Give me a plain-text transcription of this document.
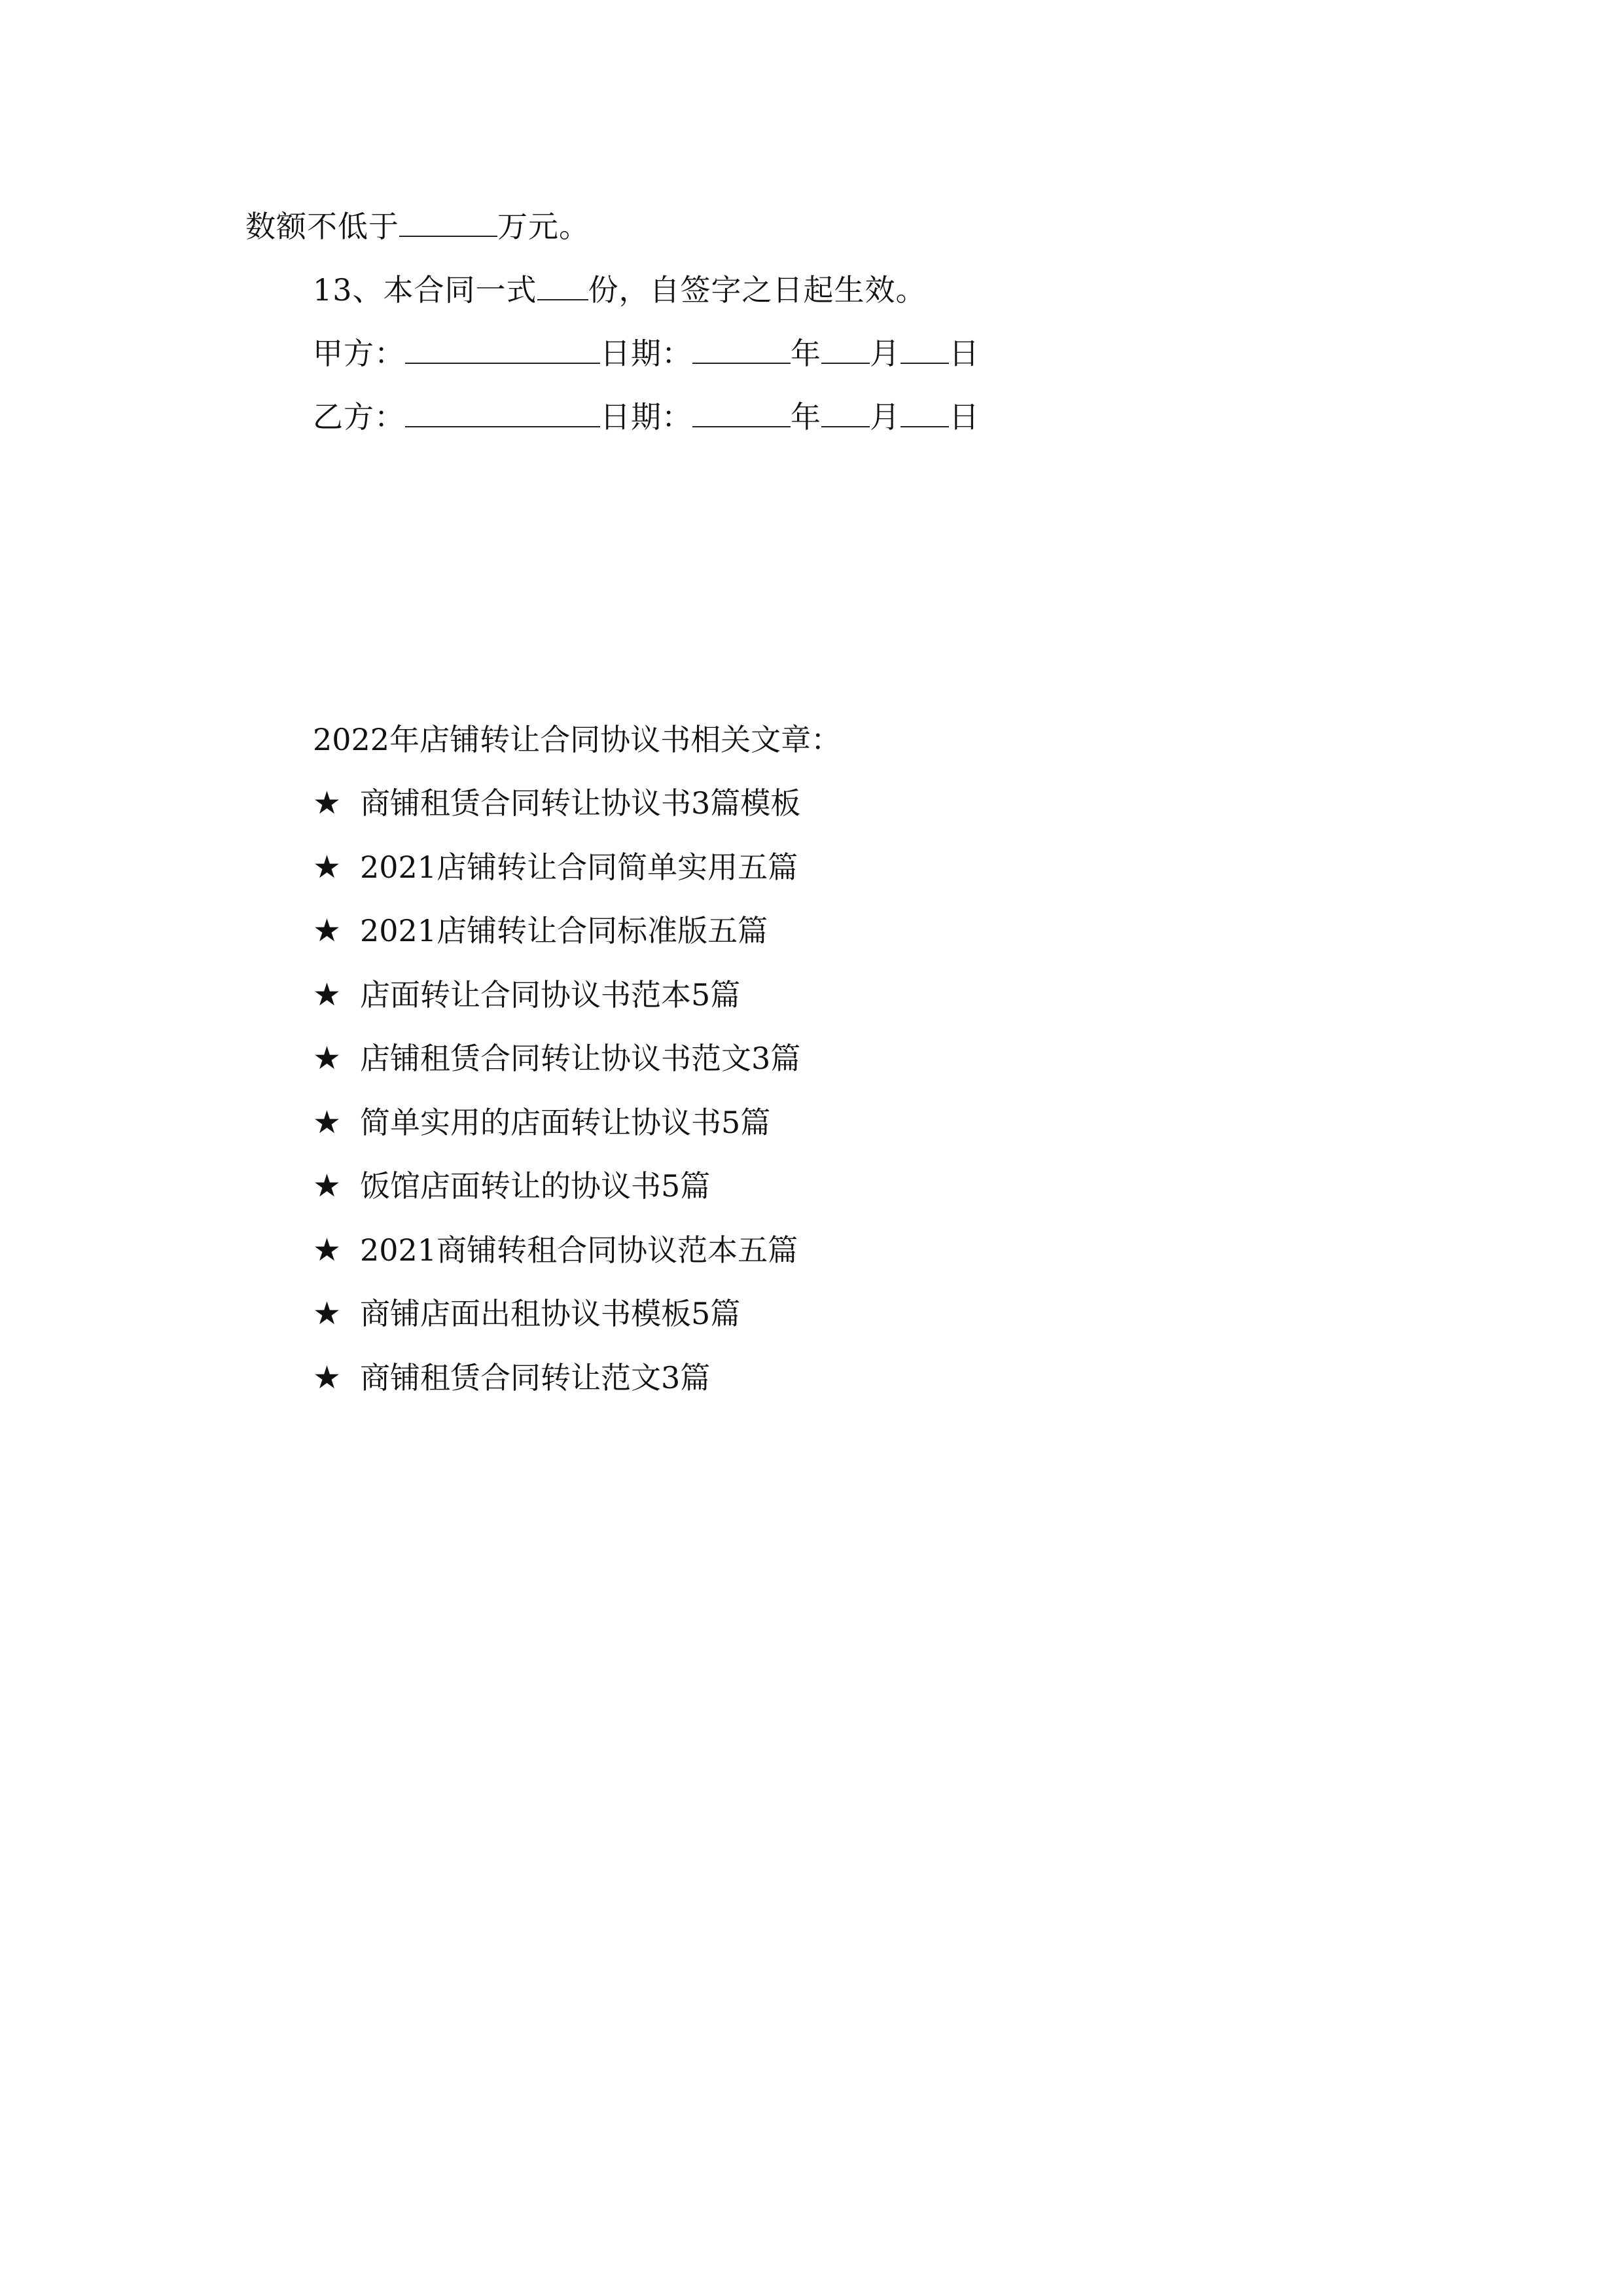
数额不低于	万元。
13、本合同一式 份，自签字之日起生效。
甲方：	日期：	年 月 日
乙方：	日期：	年 月 日
2022年店铺转让合同协议书相关文章：
★ 商铺租赁合同转让协议书3篇模板
★ 2021店铺转让合同简单实用五篇
★ 2021店铺转让合同标准版五篇
★ 店面转让合同协议书范本5篇
★ 店铺租赁合同转让协议书范文3篇
★ 简单实用的店面转让协议书5篇
★ 饭馆店面转让的协议书5篇
★ 2021商铺转租合同协议范本五篇
★ 商铺店面出租协议书模板5篇
★ 商铺租赁合同转让范文3篇
